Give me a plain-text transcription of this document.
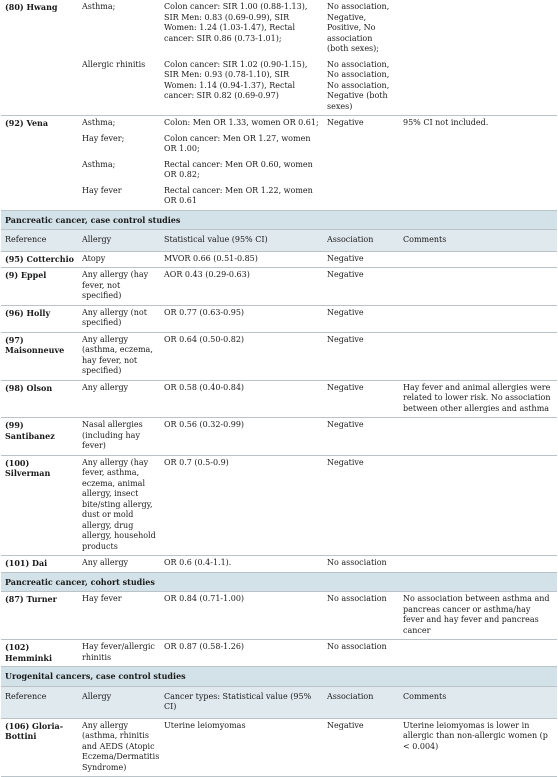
(80) Hwang	Asthma;	Colon cancer: SIR 1.00 (0.88-1.13), SIR Men: 0.83 (0.69-0.99), SIR Women: 1.24 (1.03-1.47), Rectal cancer: SIR 0.86 (0.73-1.01);	No association, Negative, Positive, No association (both sexes);	
	Allergic rhinitis	Colon cancer: SIR 1.02 (0.90-1.15), SIR Men: 0.93 (0.78-1.10), SIR Women: 1.14 (0.94-1.37), Rectal cancer: SIR 0.82 (0.69-0.97)	No association, No association, No association, Negative (both sexes)	
(92) Vena	Asthma;	Colon: Men OR 1.33, women OR 0.61;	Negative	95% CI not included.
	Hay fever;	Colon cancer: Men OR 1.27, women OR 1.00;		
	Asthma;	Rectal cancer: Men OR 0.60, women OR 0.82;		
	Hay fever	Rectal cancer: Men OR 1.22, women OR 0.61		
Pancreatic cancer, case control studies				
Reference	Allergy	Statistical value (95% CI)	Association	Comments
(95) Cotterchio	Atopy	MVOR 0.66 (0.51-0.85)	Negative	
(9) Eppel	Any allergy (hay fever, not specified)	AOR 0.43 (0.29-0.63)	Negative	
(96) Holly	Any allergy (not specified)	OR 0.77 (0.63-0.95)	Negative	
(97) Maisonneuve	Any allergy (asthma, eczema, hay fever, not specified)	OR 0.64 (0.50-0.82)	Negative	
(98) Olson	Any allergy	OR 0.58 (0.40-0.84)	Negative	Hay fever and animal allergies were related to lower risk. No association between other allergies and asthma
(99) Santibanez	Nasal allergies (including hay fever)	OR 0.56 (0.32-0.99)	Negative	
(100) Silverman	Any allergy (hay fever, asthma, eczema, animal allergy, insect bite/sting allergy, dust or mold allergy, drug allergy, household products	OR 0.7 (0.5-0.9)	Negative	
(101) Dai	Any allergy	OR 0.6 (0.4-1.1).	No association	
Pancreatic cancer, cohort studies				
(87) Turner	Hay fever	OR 0.84 (0.71-1.00)	No association	No association between asthma and pancreas cancer or asthma/hay fever and hay fever and pancreas cancer
(102) Hemminki	Hay fever/allergic rhinitis	OR 0.87 (0.58-1.26)	No association	
Urogenital cancers, case control studies				
Reference	Allergy	Cancer types: Statistical value (95% CI)	Association	Comments
(106) Gloria-Bottini	Any allergy (asthma, rhinitis and AEDS (Atopic Eczema/Dermatitis Syndrome)	Uterine leiomyomas	Negative	Uterine leiomyomas is lower in allergic than non-allergic women (p < 0.004)
